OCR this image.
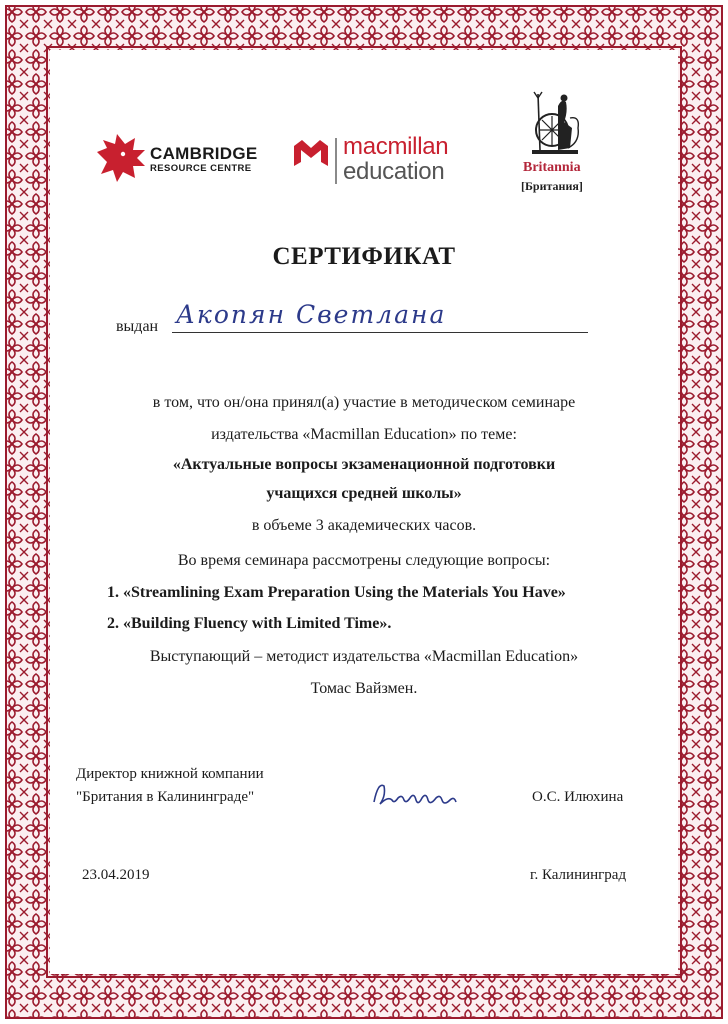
CAMBRIDGE
RESOURCE CENTRE
macmillan
education	Britannia
[Британия]
СЕРТИФИКАТ
выдан Акопян Светлана
в том, что он/она принял(а) участие в методическом семинаре
издательства «Macmillan Education» по теме:
«Актуальные вопросы экзаменационной подготовки
учащихся средней школы»
в объеме 3 академических часов.
Во время семинара рассмотрены следующие вопросы:
1. «Streamlining Exam Preparation Using the Materials You Have»
2. «Building Fluency with Limited Time».
Выступающий – методист издательства «Macmillan Education»
Томас Вайзмен.
Директор книжной компании
"Британия в Калининграде"	О.С. Илюхина
23.04.2019	г. Калининград
